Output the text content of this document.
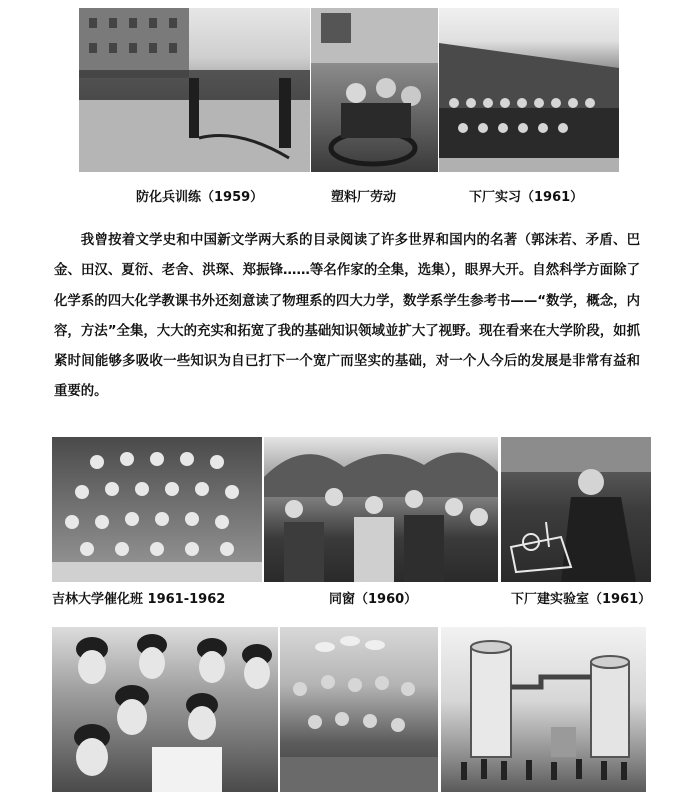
防化兵训练（1959）	塑料厂劳动	下厂实习（1961）

我曾按着文学史和中国新文学两大系的目录阅读了许多世界和国内的名著（郭沫若、矛盾、巴金、田汉、夏衍、老舍、洪琛、郑振锋……等名作家的全集，选集），眼界大开。自然科学方面除了化学系的四大化学教课书外还刻意读了物理系的四大力学，数学系学生参考书——“数学，概念，内容，方法”全集，大大的充实和拓宽了我的基础知识领域並扩大了视野。现在看来在大学阶段，如抓紧时间能够多吸收一些知识为自已打下一个宽广而坚实的基础，对一个人今后的发展是非常有益和重要的。

吉林大学催化班 1961-1962	同窗（1960）	下厂建实验室（1961）
